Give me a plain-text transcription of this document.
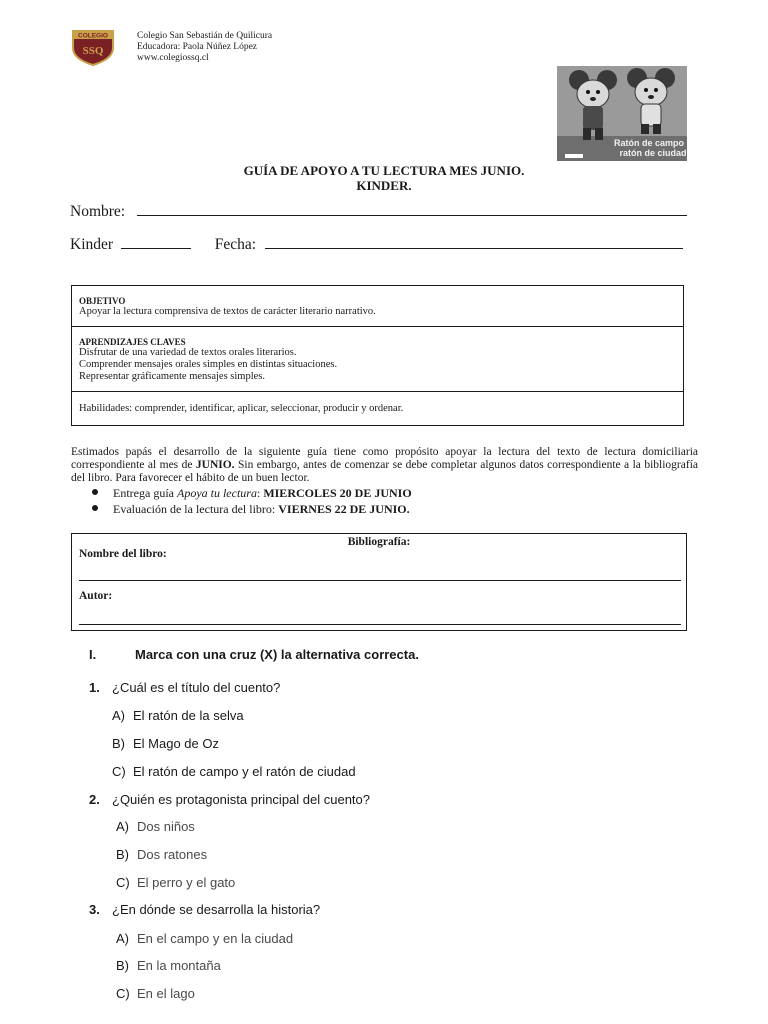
COLEGIO
SSQ
Colegio San Sebastián de Quilicura
Educadora: Paola Núñez López
www.colegiossq.cl
Ratón de campo
ratón de ciudad
GUÍA DE APOYO A TU LECTURA MES JUNIO.
KINDER.
Nombre:
Kinder	Fecha:
OBJETIVO
Apoyar la lectura comprensiva de textos de carácter literario narrativo.
APRENDIZAJES CLAVES
Disfrutar de una variedad de textos orales literarios.
Comprender mensajes orales simples en distintas situaciones.
Representar gráficamente mensajes simples.
Habilidades: comprender, identificar, aplicar, seleccionar, producir y ordenar.
Estimados papás el desarrollo de la siguiente guía tiene como propósito apoyar la lectura del texto de lectura domiciliaria correspondiente al mes de JUNIO. Sin embargo, antes de comenzar se debe completar algunos datos correspondiente a la bibliografía del libro. Para favorecer el hábito de un buen lector.
Entrega guía Apoya tu lectura: MIERCOLES 20 DE JUNIO
Evaluación de la lectura del libro: VIERNES 22 DE JUNIO.
Bibliografía:
Nombre del libro:
Autor:
I.	Marca con una cruz (X) la alternativa correcta.
1. ¿Cuál es el título del cuento?
A) El ratón de la selva
B) El Mago de Oz
C) El ratón de campo y el ratón de ciudad
2. ¿Quién es protagonista principal del cuento?
A) Dos niños
B) Dos ratones
C) El perro y el gato
3. ¿En dónde se desarrolla la historia?
A) En el campo y en la ciudad
B) En la montaña
C) En el lago
